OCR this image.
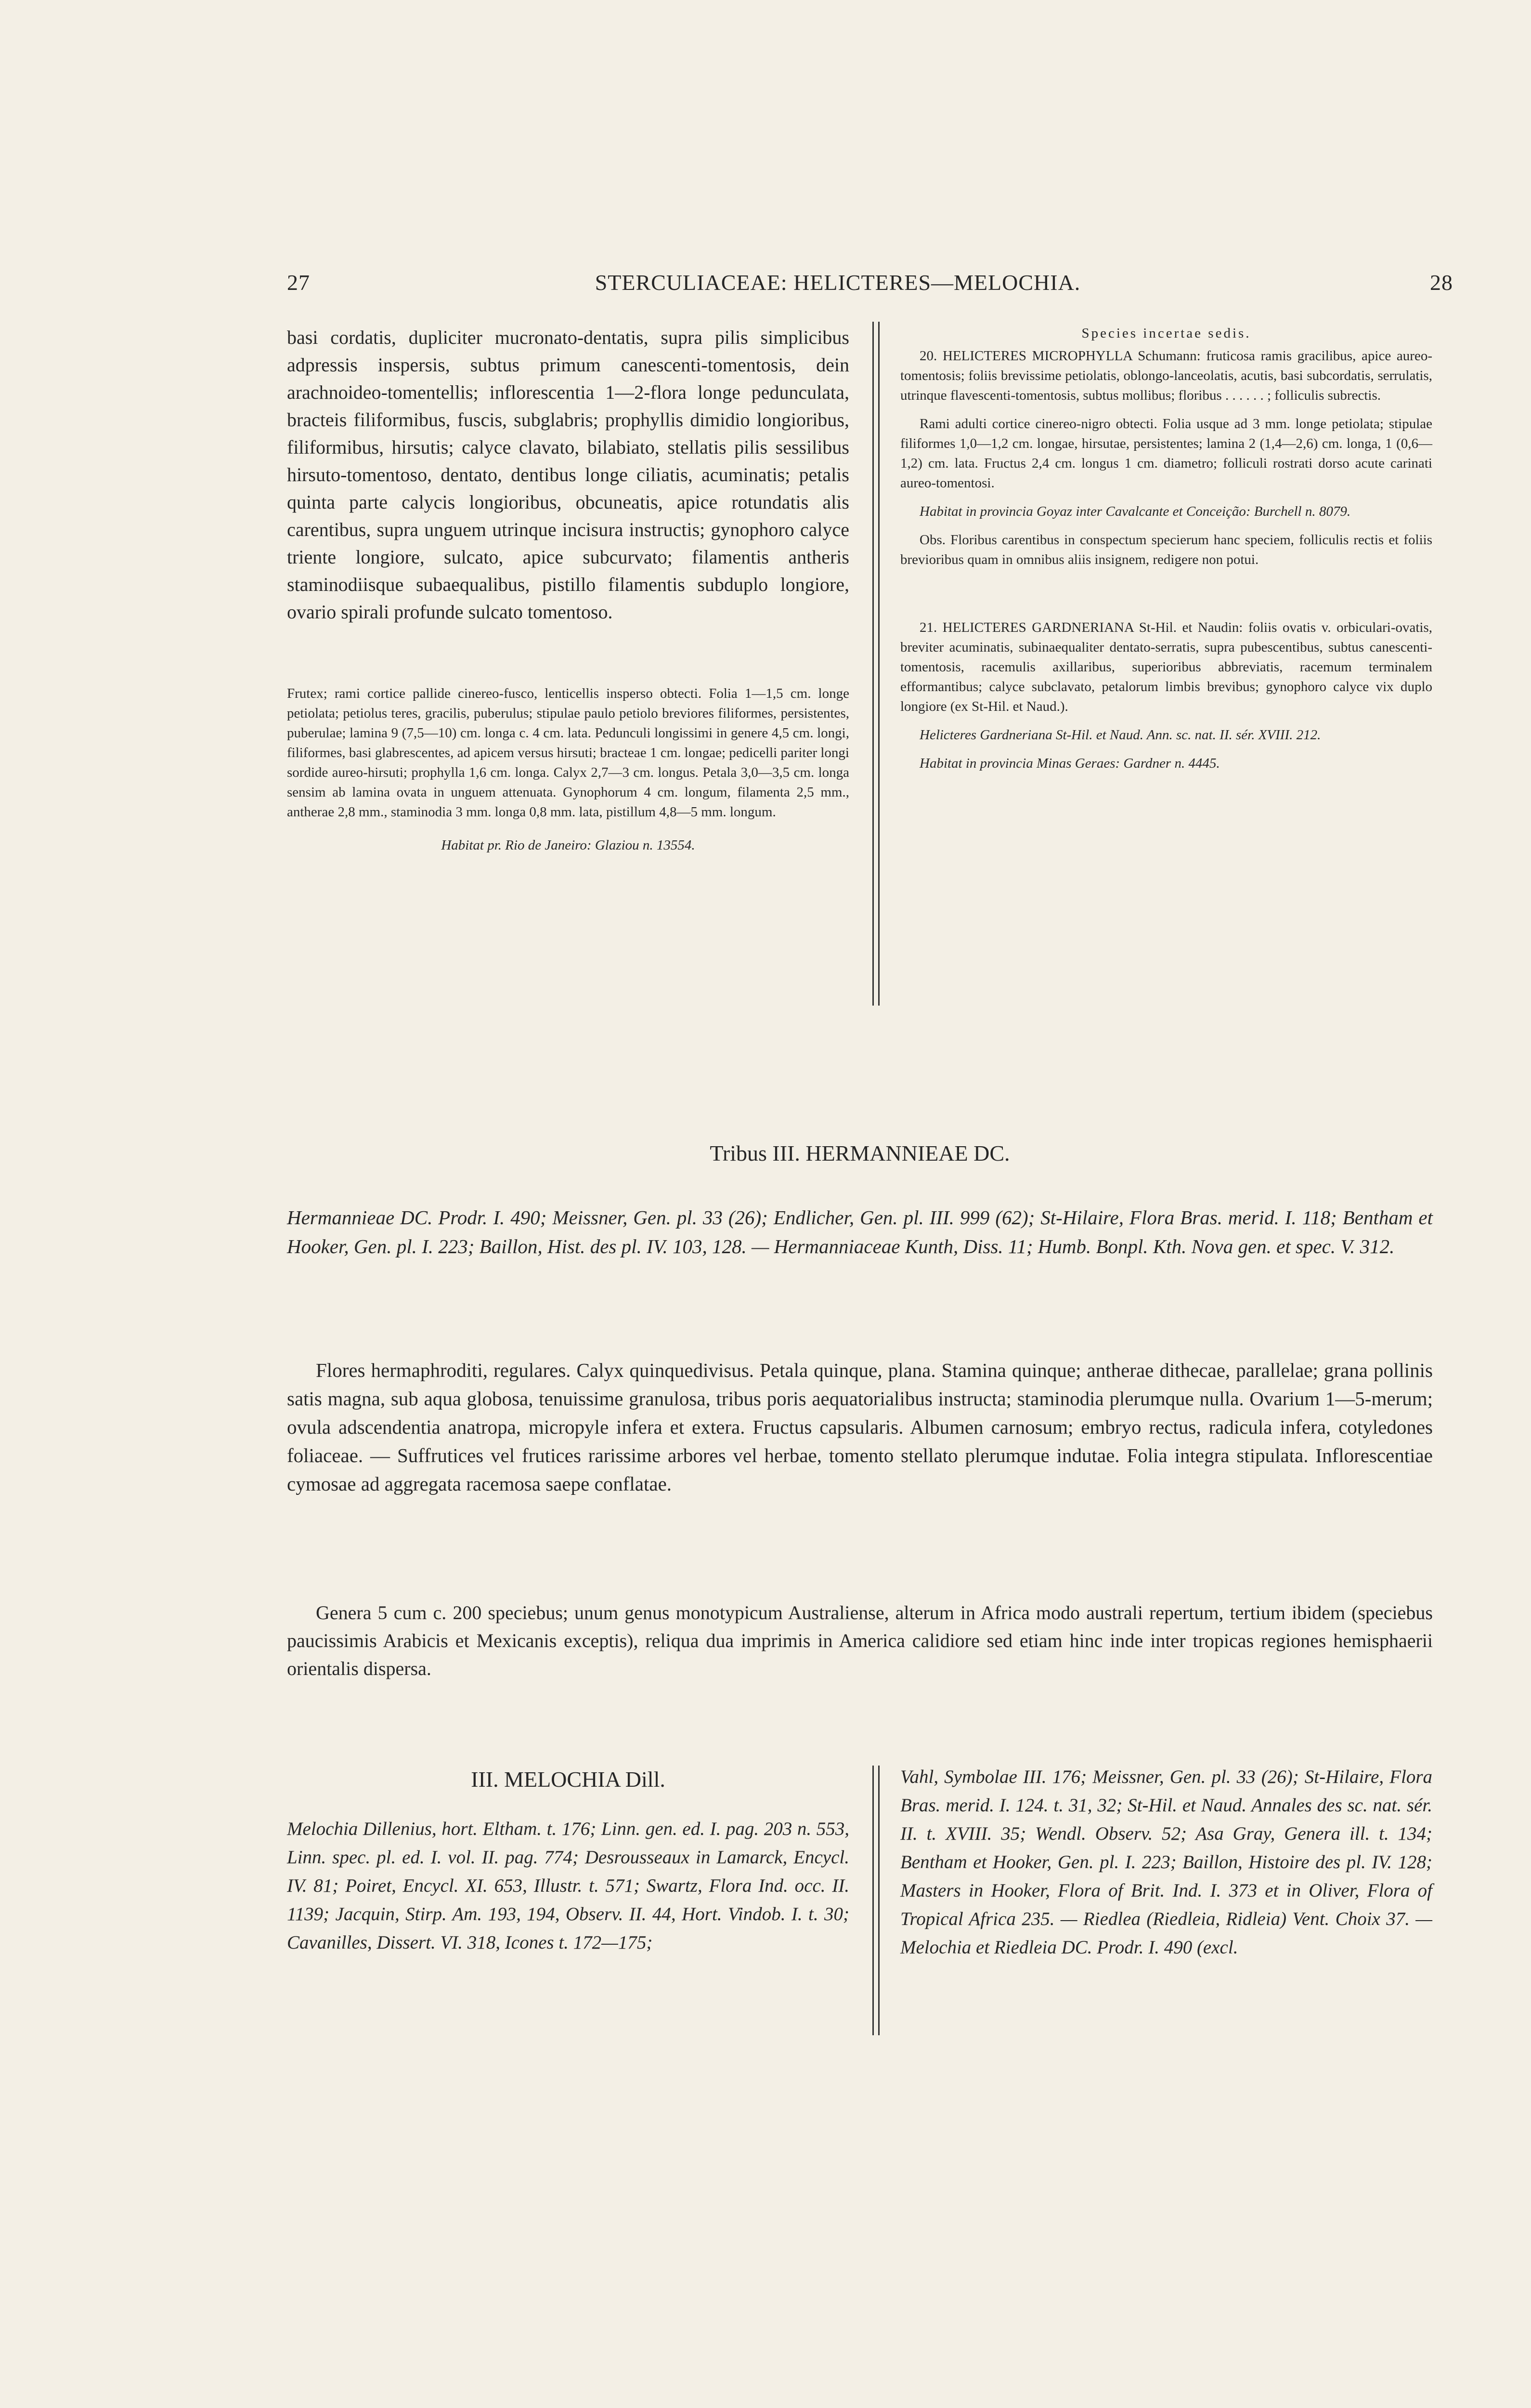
27	STERCULIACEAE: HELICTERES—MELOCHIA.	28

basi cordatis, dupliciter mucronato-dentatis, supra pilis simplicibus adpressis inspersis, subtus primum canescenti-tomentosis, dein arachnoideo-tomentellis; inflorescentia 1—2-flora longe pedunculata, bracteis filiformibus, fuscis, subglabris; prophyllis dimidio longioribus, filiformibus, hirsutis; calyce clavato, bilabiato, stellatis pilis sessilibus hirsuto-tomentoso, dentato, dentibus longe ciliatis, acuminatis; petalis quinta parte calycis longioribus, obcuneatis, apice rotundatis alis carentibus, supra unguem utrinque incisura instructis; gynophoro calyce triente longiore, sulcato, apice subcurvato; filamentis antheris staminodiisque subaequalibus, pistillo filamentis subduplo longiore, ovario spirali profunde sulcato tomentoso.

Frutex; rami cortice pallide cinereo-fusco, lenticellis insperso obtecti. Folia 1—1,5 cm. longe petiolata; petiolus teres, gracilis, puberulus; stipulae paulo petiolo breviores filiformes, persistentes, puberulae; lamina 9 (7,5—10) cm. longa c. 4 cm. lata. Pedunculi longissimi in genere 4,5 cm. longi, filiformes, basi glabrescentes, ad apicem versus hirsuti; bracteae 1 cm. longae; pedicelli pariter longi sordide aureo-hirsuti; prophylla 1,6 cm. longa. Calyx 2,7—3 cm. longus. Petala 3,0—3,5 cm. longa sensim ab lamina ovata in unguem attenuata. Gynophorum 4 cm. longum, filamenta 2,5 mm., antherae 2,8 mm., staminodia 3 mm. longa 0,8 mm. lata, pistillum 4,8—5 mm. longum.

Habitat pr. Rio de Janeiro: Glaziou n. 13554.

Species incertae sedis.

20. HELICTERES MICROPHYLLA Schumann: fruticosa ramis gracilibus, apice aureo-tomentosis; foliis brevissime petiolatis, oblongo-lanceolatis, acutis, basi subcordatis, serrulatis, utrinque flavescenti-tomentosis, subtus mollibus; floribus . . . . . . ; folliculis subrectis.

Rami adulti cortice cinereo-nigro obtecti. Folia usque ad 3 mm. longe petiolata; stipulae filiformes 1,0—1,2 cm. longae, hirsutae, persistentes; lamina 2 (1,4—2,6) cm. longa, 1 (0,6—1,2) cm. lata. Fructus 2,4 cm. longus 1 cm. diametro; folliculi rostrati dorso acute carinati aureo-tomentosi.

Habitat in provincia Goyaz inter Cavalcante et Conceição: Burchell n. 8079.

Obs. Floribus carentibus in conspectum specierum hanc speciem, folliculis rectis et foliis brevioribus quam in omnibus aliis insignem, redigere non potui.

21. HELICTERES GARDNERIANA St-Hil. et Naudin: foliis ovatis v. orbiculari-ovatis, breviter acuminatis, subinaequaliter dentato-serratis, supra pubescentibus, subtus canescenti-tomentosis, racemulis axillaribus, superioribus abbreviatis, racemum terminalem efformantibus; calyce subclavato, petalorum limbis brevibus; gynophoro calyce vix duplo longiore (ex St-Hil. et Naud.).

Helicteres Gardneriana St-Hil. et Naud. Ann. sc. nat. II. sér. XVIII. 212.

Habitat in provincia Minas Geraes: Gardner n. 4445.

Tribus III. HERMANNIEAE DC.

Hermannieae DC. Prodr. I. 490; Meissner, Gen. pl. 33 (26); Endlicher, Gen. pl. III. 999 (62); St-Hilaire, Flora Bras. merid. I. 118; Bentham et Hooker, Gen. pl. I. 223; Baillon, Hist. des pl. IV. 103, 128. — Hermanniaceae Kunth, Diss. 11; Humb. Bonpl. Kth. Nova gen. et spec. V. 312.

Flores hermaphroditi, regulares. Calyx quinquedivisus. Petala quinque, plana. Stamina quinque; antherae dithecae, parallelae; grana pollinis satis magna, sub aqua globosa, tenuissime granulosa, tribus poris aequatorialibus instructa; staminodia plerumque nulla. Ovarium 1—5-merum; ovula adscendentia anatropa, micropyle infera et extera. Fructus capsularis. Albumen carnosum; embryo rectus, radicula infera, cotyledones foliaceae. — Suffrutices vel frutices rarissime arbores vel herbae, tomento stellato plerumque indutae. Folia integra stipulata. Inflorescentiae cymosae ad aggregata racemosa saepe conflatae.

Genera 5 cum c. 200 speciebus; unum genus monotypicum Australiense, alterum in Africa modo australi repertum, tertium ibidem (speciebus paucissimis Arabicis et Mexicanis exceptis), reliqua dua imprimis in America calidiore sed etiam hinc inde inter tropicas regiones hemisphaerii orientalis dispersa.

III. MELOCHIA Dill.

Melochia Dillenius, hort. Eltham. t. 176; Linn. gen. ed. I. pag. 203 n. 553, Linn. spec. pl. ed. I. vol. II. pag. 774; Desrousseaux in Lamarck, Encycl. IV. 81; Poiret, Encycl. XI. 653, Illustr. t. 571; Swartz, Flora Ind. occ. II. 1139; Jacquin, Stirp. Am. 193, 194, Observ. II. 44, Hort. Vindob. I. t. 30; Cavanilles, Dissert. VI. 318, Icones t. 172—175;

Vahl, Symbolae III. 176; Meissner, Gen. pl. 33 (26); St-Hilaire, Flora Bras. merid. I. 124. t. 31, 32; St-Hil. et Naud. Annales des sc. nat. sér. II. t. XVIII. 35; Wendl. Observ. 52; Asa Gray, Genera ill. t. 134; Bentham et Hooker, Gen. pl. I. 223; Baillon, Histoire des pl. IV. 128; Masters in Hooker, Flora of Brit. Ind. I. 373 et in Oliver, Flora of Tropical Africa 235. — Riedlea (Riedleia, Ridleia) Vent. Choix 37. — Melochia et Riedleia DC. Prodr. I. 490 (excl.
